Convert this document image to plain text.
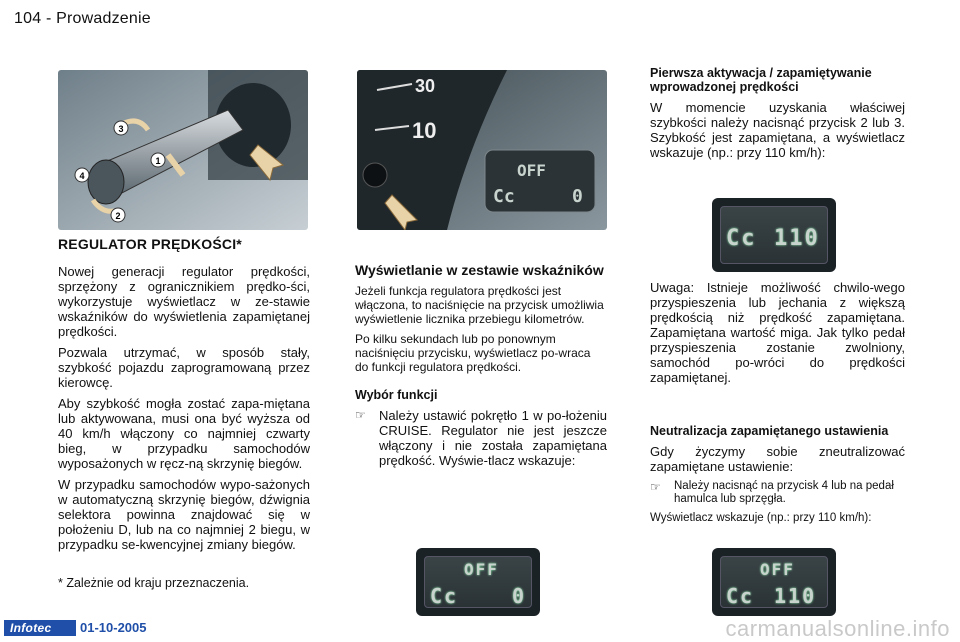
104 - Prowadzenie
3
1
4
2
30
10
OFF
Cc	0
REGULATOR PRĘDKOŚCI*

Nowej generacji regulator prędkości, sprzężony z ogranicznikiem prędko-ści, wykorzystuje wyświetlacz w ze-stawie wskaźników do wyświetlenia zapamiętanej prędkości.

Pozwala utrzymać, w sposób stały, szybkość pojazdu zaprogramowaną przez kierowcę.

Aby szybkość mogła zostać zapa-miętana lub aktywowana, musi ona być wyższa od 40 km/h włączony co najmniej czwarty bieg, w przypadku samochodów wyposażonych w ręcz-ną skrzynię biegów.

W przypadku samochodów wypo-sażonych w automatyczną skrzynię biegów, dźwignia selektora powinna znajdować się w położeniu D, lub na co najmniej 2 biegu, w przypadku se-kwencyjnej zmiany biegów.

* Zależnie od kraju przeznaczenia.
Wyświetlanie w zestawie wskaźników

Jeżeli funkcja regulatora prędkości jest włączona, to naciśnięcie na przycisk umożliwia wyświetlenie licznika przebiegu kilometrów.

Po kilku sekundach lub po ponownym naciśnięciu przycisku, wyświetlacz po-wraca do funkcji regulatora prędkości.

Wybór funkcji
☞	Należy ustawić pokrętło 1 w po-łożeniu CRUISE. Regulator nie jest jeszcze włączony i nie została zapamiętana prędkość. Wyświe-tlacz wskazuje:
Pierwsza aktywacja / zapamiętywanie wprowadzonej prędkości

W momencie uzyskania właściwej szybkości należy nacisnąć przycisk 2 lub 3. Szybkość jest zapamiętana, a wyświetlacz wskazuje (np.: przy 110 km/h):

Uwaga: Istnieje możliwość chwilo-wego przyspieszenia lub jechania z większą prędkością niż prędkość zapamiętana. Zapamiętana wartość miga. Jak tylko pedał przyspieszenia zostanie zwolniony, samochód po-wróci do prędkości zapamiętanej.

Neutralizacja zapamiętanego ustawienia

Gdy życzymy sobie zneutralizować zapamiętane ustawienie:

☞	Należy nacisnąć na przycisk 4 lub na pedał hamulca lub sprzęgła.
Wyświetlacz wskazuje (np.: przy 110 km/h):
Cc 110
OFF
Cc	0
OFF
Cc 110
Infotec	01-10-2005	carmanualsonline.info
